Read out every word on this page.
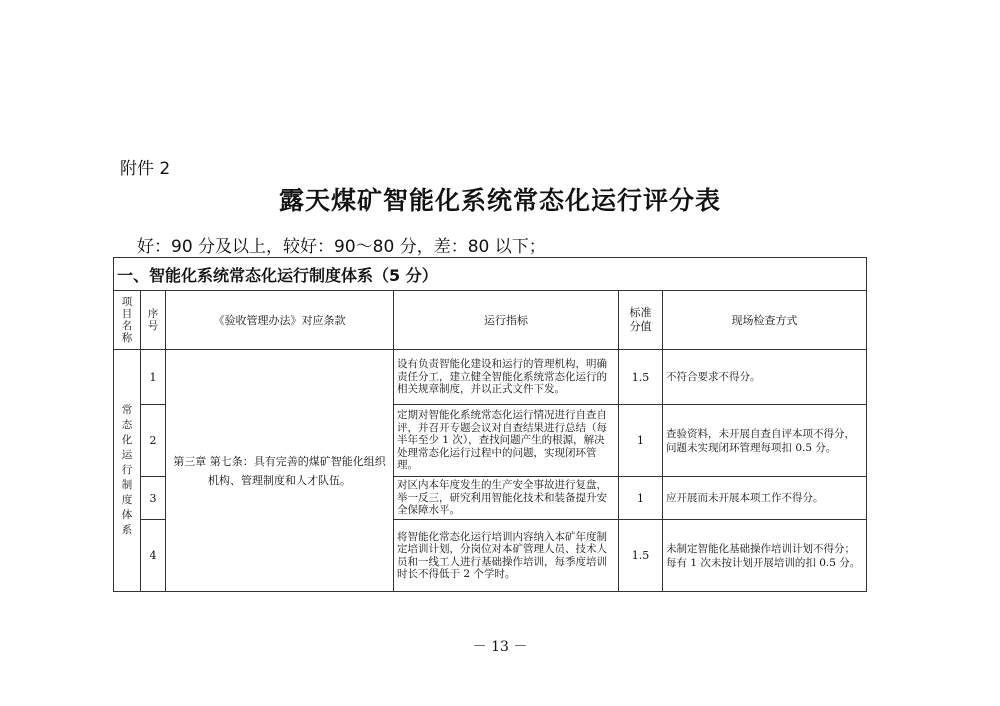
附件 2
露天煤矿智能化系统常态化运行评分表
好：90 分及以上，较好：90～80 分，差：80 以下；
一、智能化系统常态化运行制度体系（5 分）					

项目名称	序号	《验收管理办法》对应条款	运行指标	标准分值	现场检查方式

常态化运行制度体系	1	第三章 第七条：具有完善的煤矿智能化组织机构、管理制度和人才队伍。	设有负责智能化建设和运行的管理机构，明确责任分工，建立健全智能化系统常态化运行的相关规章制度，并以正式文件下发。	1.5	不符合要求不得分。
	2		定期对智能化系统常态化运行情况进行自查自评，并召开专题会议对自查结果进行总结（每半年至少 1 次），查找问题产生的根源，解决处理常态化运行过程中的问题，实现闭环管理。	1	查验资料，未开展自查自评本项不得分，问题未实现闭环管理每项扣 0.5 分。
	3		对区内本年度发生的生产安全事故进行复盘，举一反三，研究利用智能化技术和装备提升安全保障水平。	1	应开展而未开展本项工作不得分。
	4		将智能化常态化运行培训内容纳入本矿年度制定培训计划，分岗位对本矿管理人员、技术人员和一线工人进行基础操作培训，每季度培训时长不得低于 2 个学时。	1.5	未制定智能化基础操作培训计划不得分；每有 1 次未按计划开展培训的扣 0.5 分。
－ 13 －
